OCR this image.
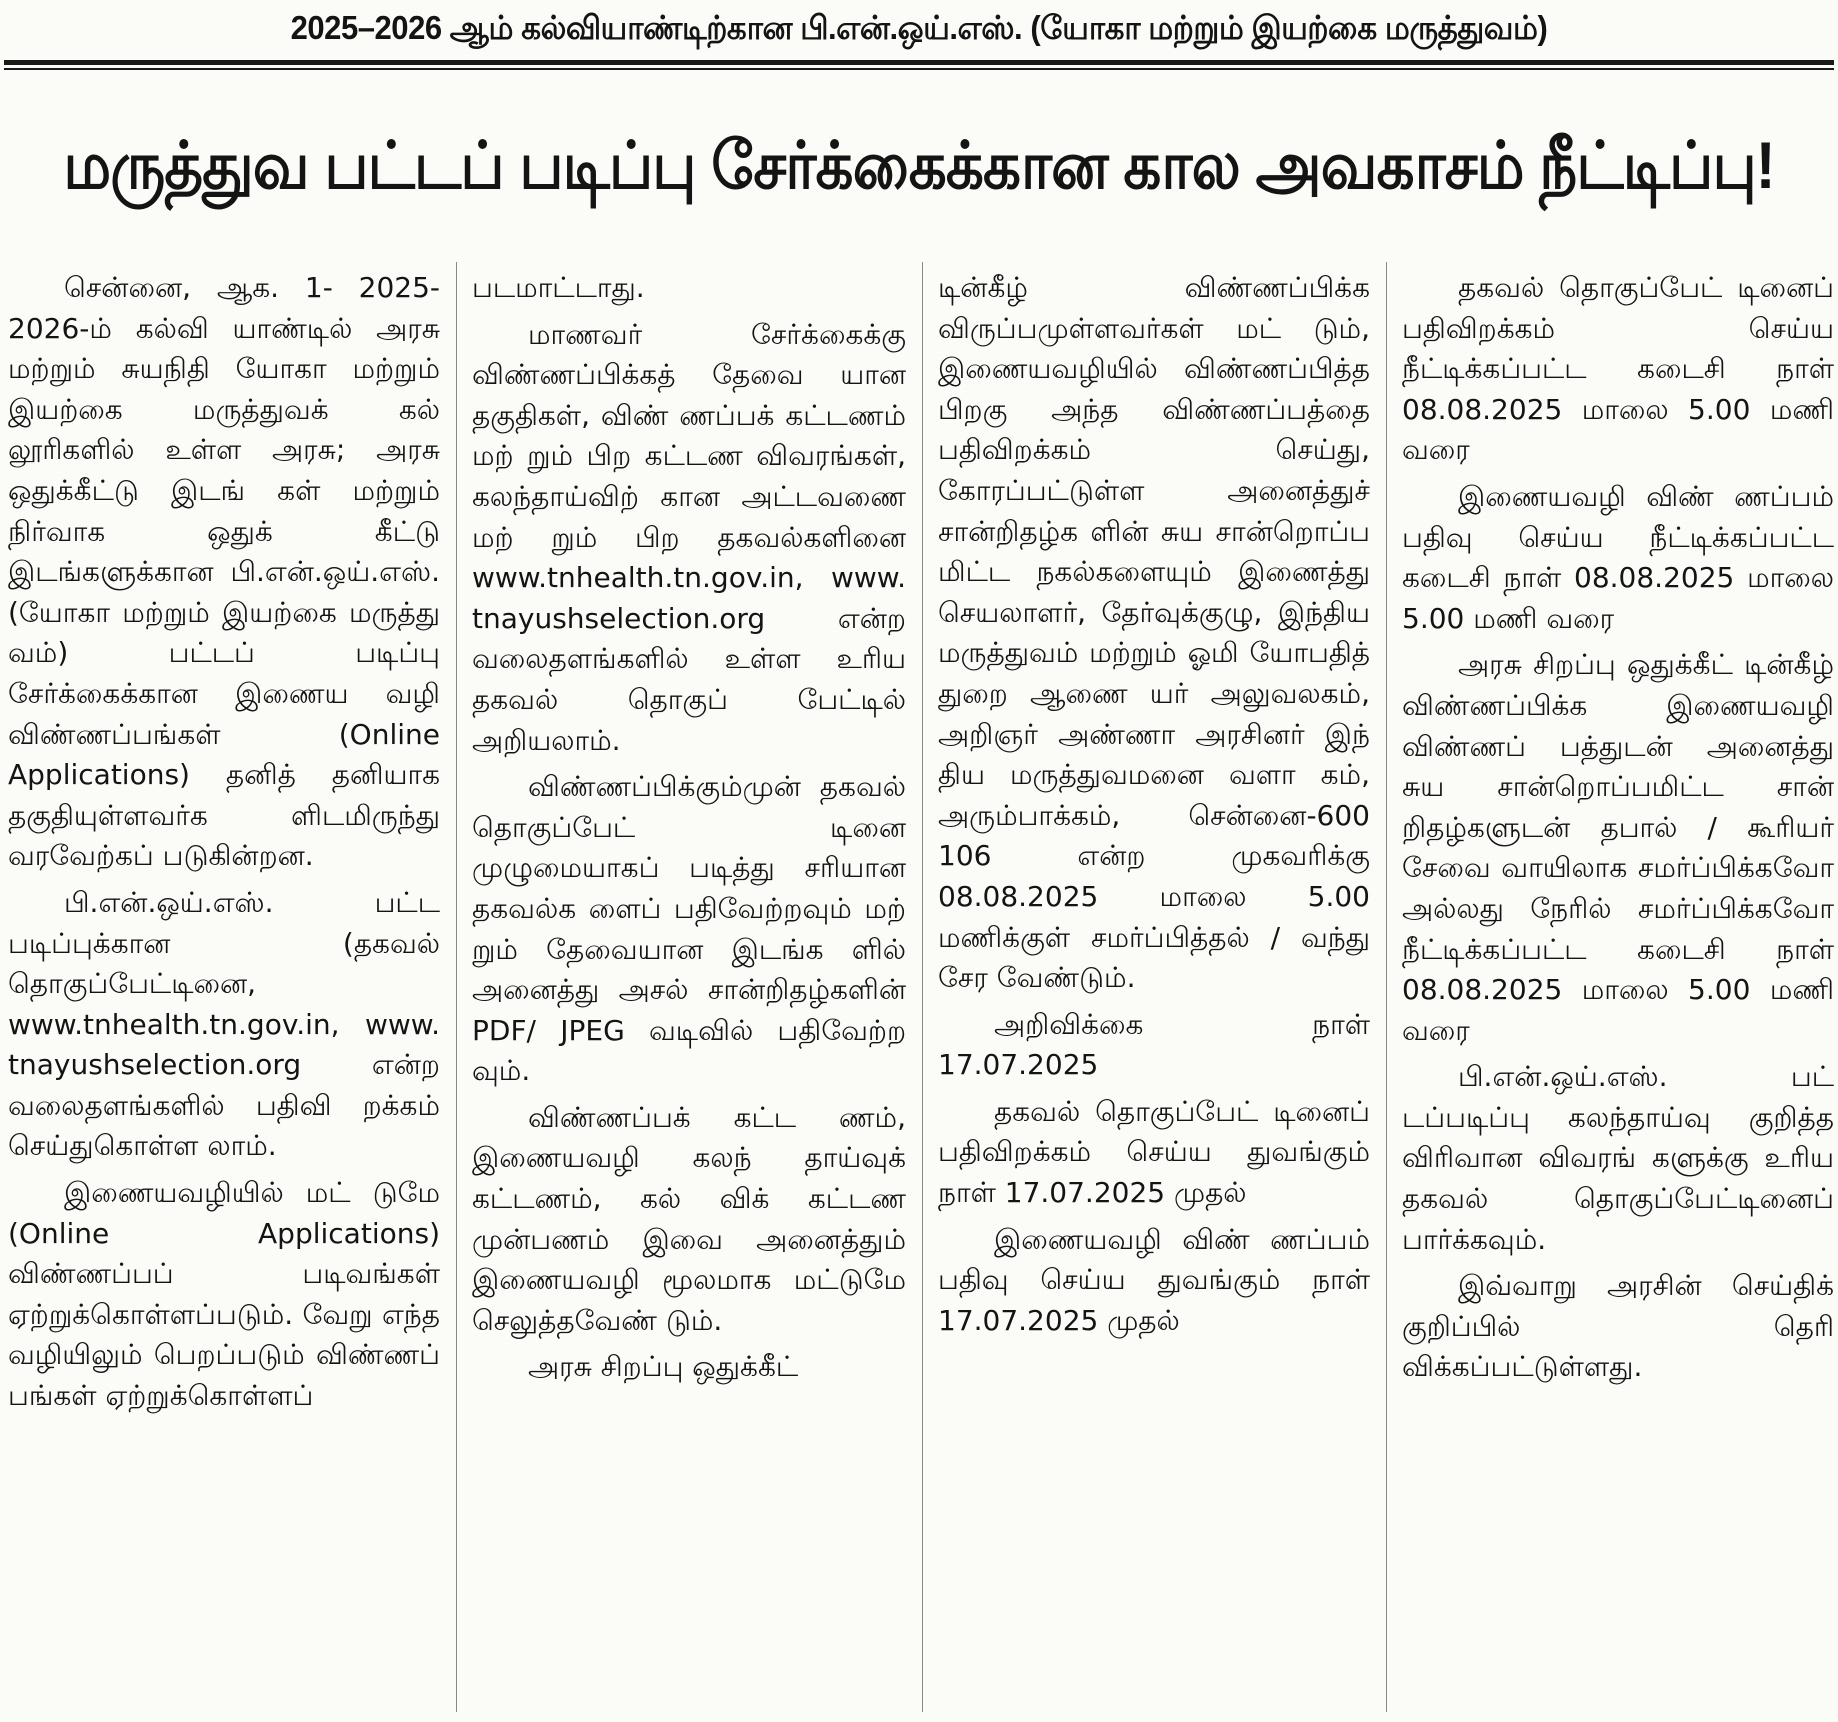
2025–2026 ஆம் கல்வியாண்டிற்கான பி.என்.ஒய்.எஸ். (யோகா மற்றும் இயற்கை மருத்துவம்)
மருத்துவ பட்டப் படிப்பு சேர்க்கைக்கான கால அவகாசம் நீட்டிப்பு!

சென்னை, ஆக. 1- 2025-2026-ம் கல்வி யாண்டில் அரசு மற்றும் சுயநிதி யோகா மற்றும் இயற்கை மருத்துவக் கல் லூரிகளில் உள்ள அரசு; அரசு ஒதுக்கீட்டு இடங் கள் மற்றும் நிர்வாக ஒதுக் கீட்டு இடங்களுக்கான பி.என்.ஒய்.எஸ். (யோகா மற்றும் இயற்கை மருத்து வம்) பட்டப் படிப்பு சேர்க்கைக்கான இணைய வழி விண்ணப்பங்கள் (Online Applications) தனித் தனியாக தகுதியுள்ளவர்க ளிடமிருந்து வரவேற்கப் படுகின்றன.

பி.என்.ஒய்.எஸ். பட்ட படிப்புக்கான (தகவல் தொகுப்பேட்டினை, www.tnhealth.tn.gov.in, www. tnayushselection.org என்ற வலைதளங்களில் பதிவி றக்கம் செய்துகொள்ள லாம்.

இணையவழியில் மட் டுமே (Online Applications) விண்ணப்பப் படிவங்கள் ஏற்றுக்கொள்ளப்படும். வேறு எந்த வழியிலும் பெறப்படும் விண்ணப் பங்கள் ஏற்றுக்கொள்ளப்

படமாட்டாது.

மாணவர் சேர்க்கைக்கு விண்ணப்பிக்கத் தேவை யான தகுதிகள், விண் ணப்பக் கட்டணம் மற் றும் பிற கட்டண விவரங்கள், கலந்தாய்விற் கான அட்டவணை மற் றும் பிற தகவல்களினை www.tnhealth.tn.gov.in, www. tnayushselection.org என்ற வலைதளங்களில் உள்ள உரிய தகவல் தொகுப் பேட்டில் அறியலாம்.

விண்ணப்பிக்கும்முன் தகவல் தொகுப்பேட் டினை முழுமையாகப் படித்து சரியான தகவல்க ளைப் பதிவேற்றவும் மற் றும் தேவையான இடங்க ளில் அனைத்து அசல் சான்றிதழ்களின் PDF/ JPEG வடிவில் பதிவேற்ற வும்.

விண்ணப்பக் கட்ட ணம், இணையவழி கலந் தாய்வுக் கட்டணம், கல் விக் கட்டண முன்பணம் இவை அனைத்தும் இணையவழி மூலமாக மட்டுமே செலுத்தவேண் டும்.

அரசு சிறப்பு ஒதுக்கீட்

டின்கீழ் விண்ணப்பிக்க விருப்பமுள்ளவர்கள் மட் டும், இணையவழியில் விண்ணப்பித்த பிறகு அந்த விண்ணப்பத்தை பதிவிறக்கம் செய்து, கோரப்பட்டுள்ள அனைத்துச் சான்றிதழ்க ளின் சுய சான்றொப்ப மிட்ட நகல்களையும் இணைத்து செயலாளர், தேர்வுக்குழு, இந்திய மருத்துவம் மற்றும் ஓமி யோபதித் துறை ஆணை யர் அலுவலகம், அறிஞர் அண்ணா அரசினர் இந் திய மருத்துவமனை வளா கம், அரும்பாக்கம், சென்னை-600 106 என்ற முகவரிக்கு 08.08.2025 மாலை 5.00 மணிக்குள் சமர்ப்பித்தல் / வந்து சேர வேண்டும்.

அறிவிக்கை நாள் 17.07.2025

தகவல் தொகுப்பேட் டினைப் பதிவிறக்கம் செய்ய துவங்கும் நாள் 17.07.2025 முதல்

இணையவழி விண் ணப்பம் பதிவு செய்ய துவங்கும் நாள் 17.07.2025 முதல்

தகவல் தொகுப்பேட் டினைப் பதிவிறக்கம் செய்ய நீட்டிக்கப்பட்ட கடைசி நாள் 08.08.2025 மாலை 5.00 மணி வரை

இணையவழி விண் ணப்பம் பதிவு செய்ய நீட்டிக்கப்பட்ட கடைசி நாள் 08.08.2025 மாலை 5.00 மணி வரை

அரசு சிறப்பு ஒதுக்கீட் டின்கீழ் விண்ணப்பிக்க இணையவழி விண்ணப் பத்துடன் அனைத்து சுய சான்றொப்பமிட்ட சான் றிதழ்களுடன் தபால் / கூரியர் சேவை வாயிலாக சமர்ப்பிக்கவோ அல்லது நேரில் சமர்ப்பிக்கவோ நீட்டிக்கப்பட்ட கடைசி நாள் 08.08.2025 மாலை 5.00 மணி வரை

பி.என்.ஒய்.எஸ். பட் டப்படிப்பு கலந்தாய்வு குறித்த விரிவான விவரங் களுக்கு உரிய தகவல் தொகுப்பேட்டினைப் பார்க்கவும்.

இவ்வாறு அரசின் செய்திக் குறிப்பில் தெரி விக்கப்பட்டுள்ளது.
